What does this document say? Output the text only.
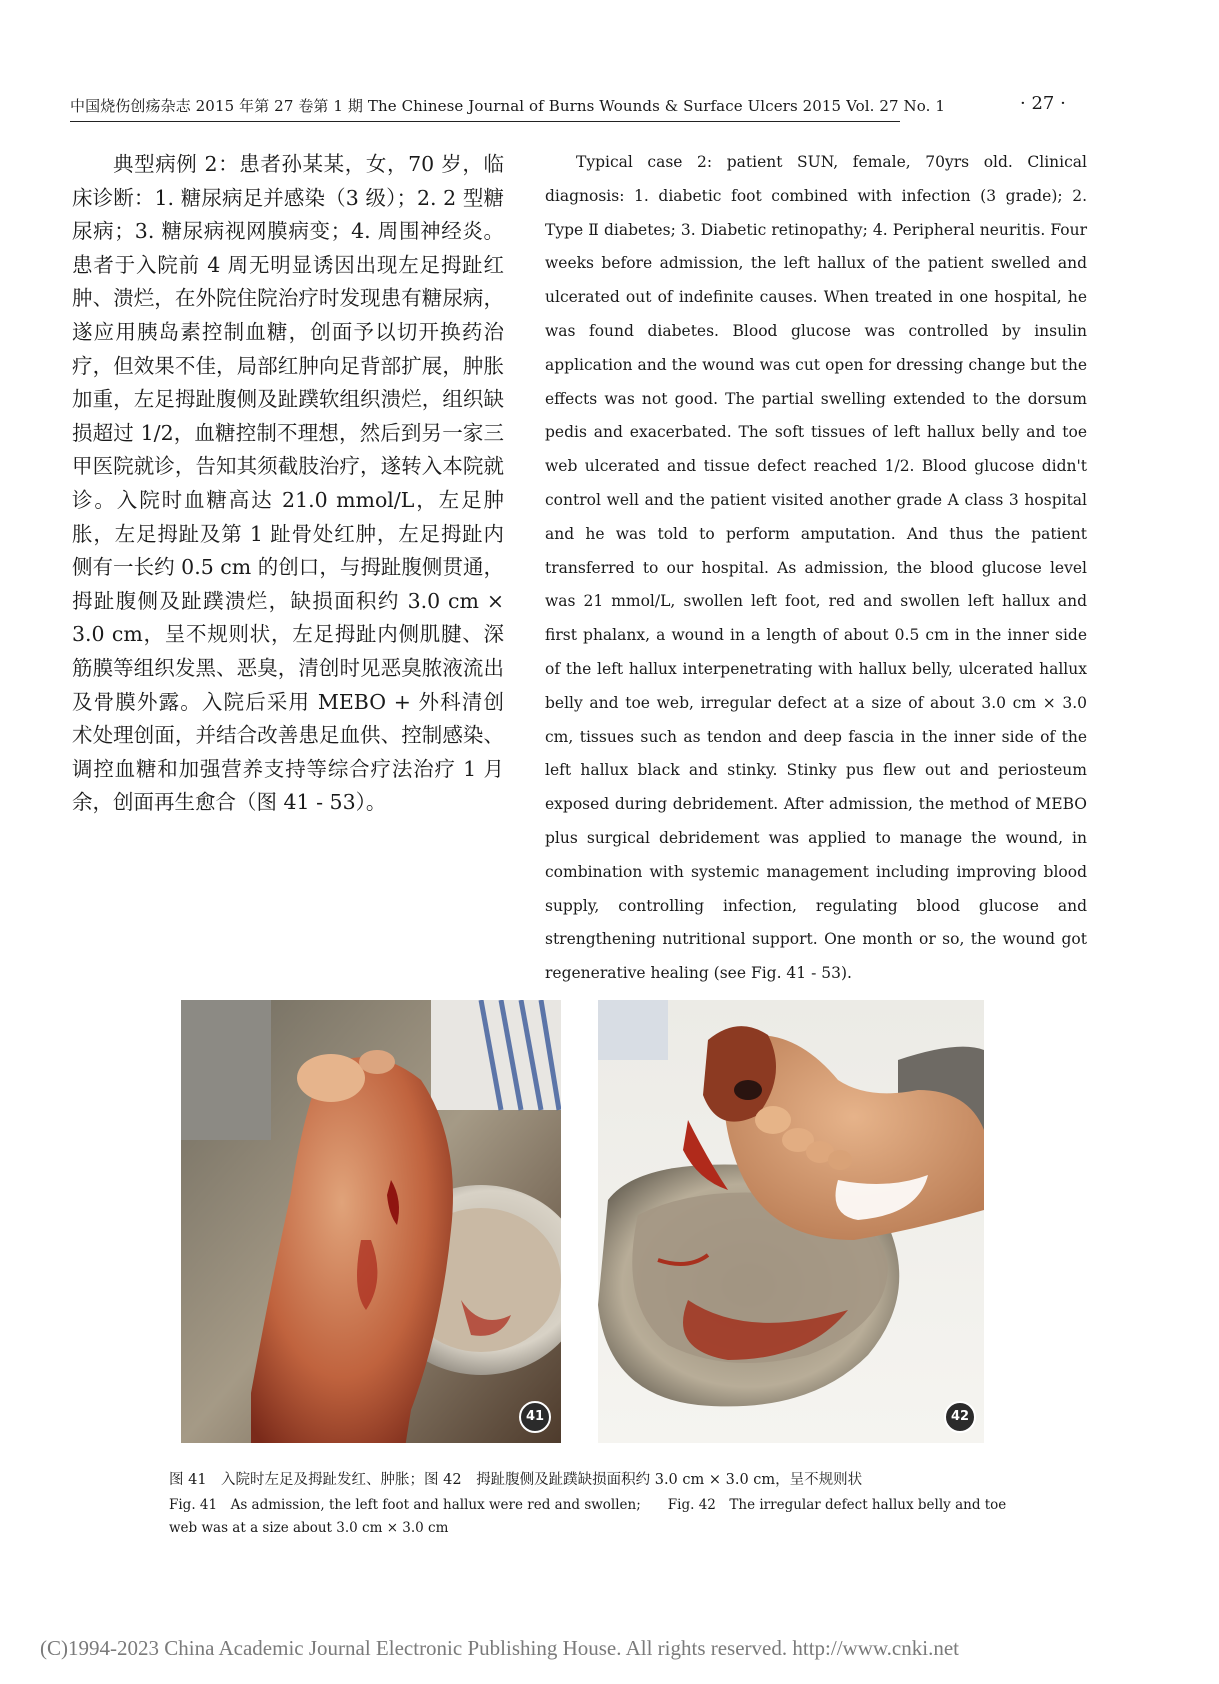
中国烧伤创疡杂志 2015 年第 27 卷第 1 期 The Chinese Journal of Burns Wounds & Surface Ulcers 2015 Vol. 27 No. 1	· 27 ·
典型病例 2：患者孙某某，女，70 岁，临床诊断：1. 糖尿病足并感染（3 级）；2. 2 型糖尿病；3. 糖尿病视网膜病变；4. 周围神经炎。患者于入院前 4 周无明显诱因出现左足拇趾红肿、溃烂，在外院住院治疗时发现患有糖尿病，遂应用胰岛素控制血糖，创面予以切开换药治疗，但效果不佳，局部红肿向足背部扩展，肿胀加重，左足拇趾腹侧及趾蹼软组织溃烂，组织缺损超过 1/2，血糖控制不理想，然后到另一家三甲医院就诊，告知其须截肢治疗，遂转入本院就诊。入院时血糖高达 21.0 mmol/L，左足肿胀，左足拇趾及第 1 趾骨处红肿，左足拇趾内侧有一长约 0.5 cm 的创口，与拇趾腹侧贯通，拇趾腹侧及趾蹼溃烂，缺损面积约 3.0 cm × 3.0 cm，呈不规则状，左足拇趾内侧肌腱、深筋膜等组织发黑、恶臭，清创时见恶臭脓液流出及骨膜外露。入院后采用 MEBO + 外科清创术处理创面，并结合改善患足血供、控制感染、调控血糖和加强营养支持等综合疗法治疗 1 月余，创面再生愈合（图 41 - 53）。
Typical case 2: patient SUN, female, 70yrs old. Clinical diagnosis: 1. diabetic foot combined with infection (3 grade); 2. Type Ⅱ diabetes; 3. Diabetic retinopathy; 4. Peripheral neuritis. Four weeks before admission, the left hallux of the patient swelled and ulcerated out of indefinite causes. When treated in one hospital, he was found diabetes. Blood glucose was controlled by insulin application and the wound was cut open for dressing change but the effects was not good. The partial swelling extended to the dorsum pedis and exacerbated. The soft tissues of left hallux belly and toe web ulcerated and tissue defect reached 1/2. Blood glucose didn't control well and the patient visited another grade A class 3 hospital and he was told to perform amputation. And thus the patient transferred to our hospital. As admission, the blood glucose level was 21 mmol/L, swollen left foot, red and swollen left hallux and first phalanx, a wound in a length of about 0.5 cm in the inner side of the left hallux interpenetrating with hallux belly, ulcerated hallux belly and toe web, irregular defect at a size of about 3.0 cm × 3.0 cm, tissues such as tendon and deep fascia in the inner side of the left hallux black and stinky. Stinky pus flew out and periosteum exposed during debridement. After admission, the method of MEBO plus surgical debridement was applied to manage the wound, in combination with systemic management including improving blood supply, controlling infection, regulating blood glucose and strengthening nutritional support. One month or so, the wound got regenerative healing (see Fig. 41 - 53).
41	42
图 41　入院时左足及拇趾发红、肿胀；图 42　拇趾腹侧及趾蹼缺损面积约 3.0 cm × 3.0 cm，呈不规则状
Fig. 41　As admission, the left foot and hallux were red and swollen;　　Fig. 42　The irregular defect hallux belly and toe web was at a size about 3.0 cm × 3.0 cm
(C)1994-2023 China Academic Journal Electronic Publishing House. All rights reserved. http://www.cnki.net
